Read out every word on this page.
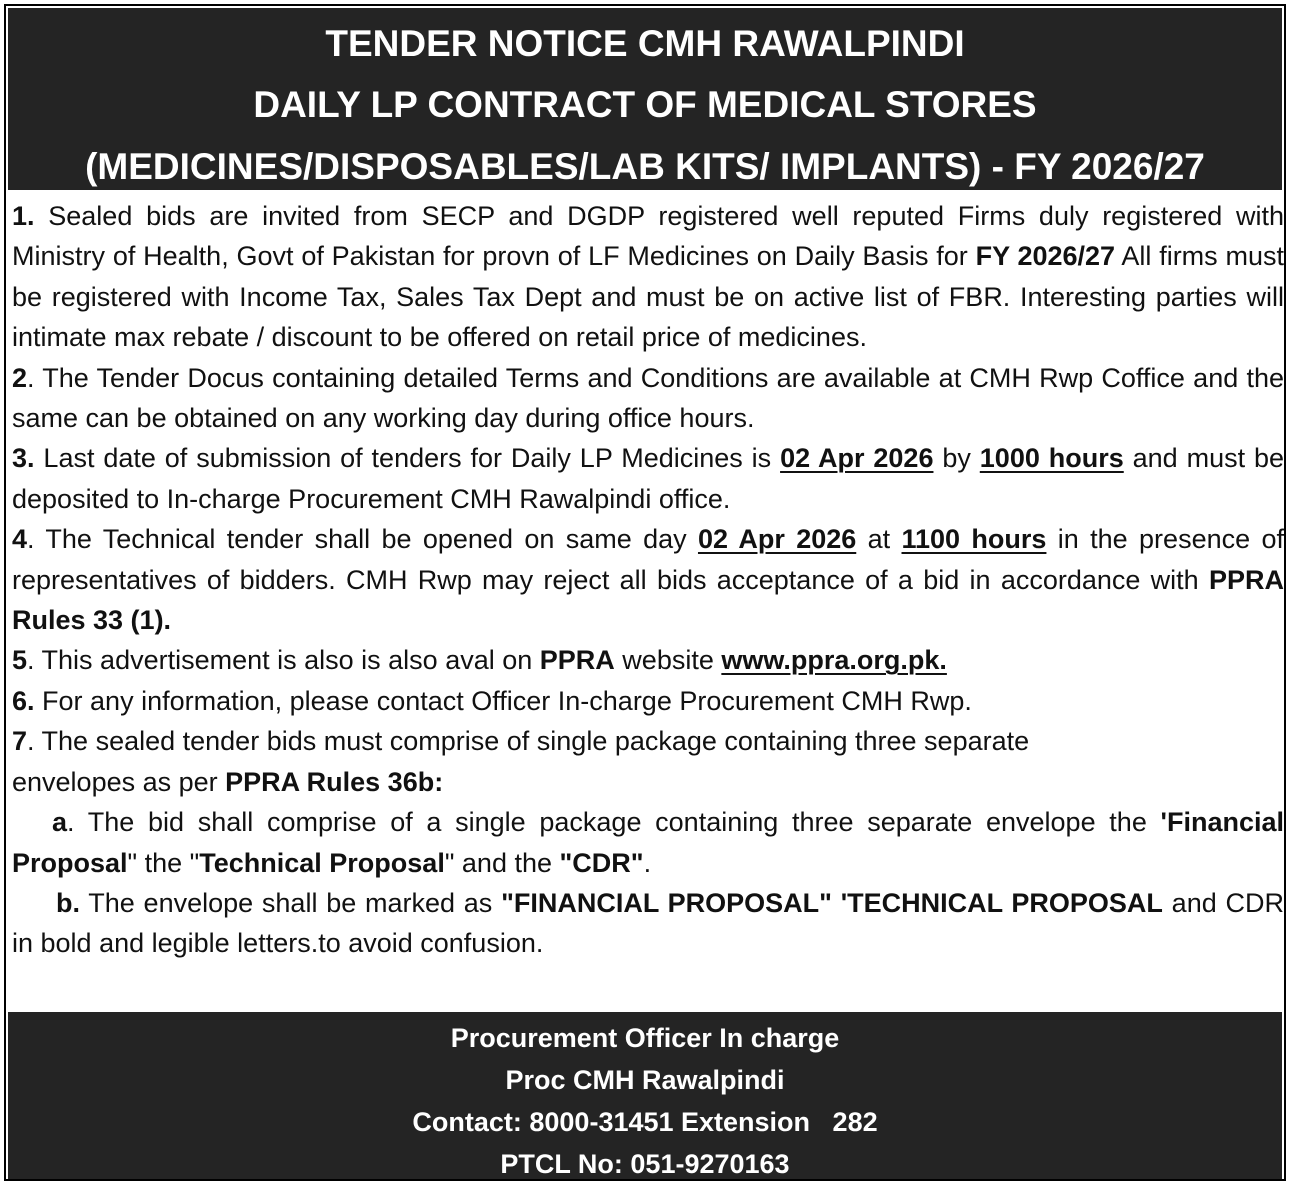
TENDER NOTICE CMH RAWALPINDI
DAILY LP CONTRACT OF MEDICAL STORES
(MEDICINES/DISPOSABLES/LAB KITS/ IMPLANTS) - FY 2026/27

1. Sealed bids are invited from SECP and DGDP registered well reputed Firms duly registered with Ministry of Health, Govt of Pakistan for provn of LF Medicines on Daily Basis for FY 2026/27 All firms must be registered with Income Tax, Sales Tax Dept and must be on active list of FBR. Interesting parties will intimate max rebate / discount to be offered on retail price of medicines.

2. The Tender Docus containing detailed Terms and Conditions are available at CMH Rwp Coffice and the same can be obtained on any working day during office hours.

3. Last date of submission of tenders for Daily LP Medicines is 02 Apr 2026 by 1000 hours and must be deposited to In-charge Procurement CMH Rawalpindi office.

4. The Technical tender shall be opened on same day 02 Apr 2026 at 1100 hours in the presence of representatives of bidders. CMH Rwp may reject all bids acceptance of a bid in accordance with PPRA Rules 33 (1).

5. This advertisement is also is also aval on PPRA website www.ppra.org.pk.

6. For any information, please contact Officer In-charge Procurement CMH Rwp.

7. The sealed tender bids must comprise of single package containing three separate
envelopes as per PPRA Rules 36b:

a. The bid shall comprise of a single package containing three separate envelope the 'Financial Proposal" the "Technical Proposal" and the "CDR".

b. The envelope shall be marked as "FINANCIAL PROPOSAL" 'TECHNICAL PROPOSAL and CDR in bold and legible letters.to avoid confusion.

Procurement Officer In charge
Proc CMH Rawalpindi
Contact: 8000-31451 Extension   282
PTCL No: 051-9270163
